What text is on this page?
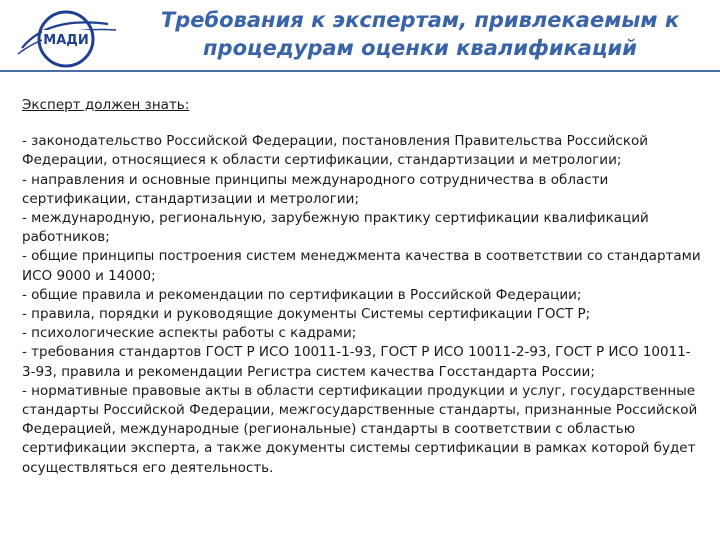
МАДИ
Требования к экспертам, привлекаемым к
процедурам оценки квалификаций
Эксперт должен знать:
- законодательство Российской Федерации, постановления Правительства Российской Федерации, относящиеся к области сертификации, стандартизации и метрологии;
- направления и основные принципы международного сотрудничества в области сертификации, стандартизации и метрологии;
- международную, региональную, зарубежную практику сертификации квалификаций работников;
- общие принципы построения систем менеджмента качества в соответствии со стандартами ИСО 9000 и 14000;
- общие правила и рекомендации по сертификации в Российской Федерации;
- правила, порядки и руководящие документы Системы сертификации ГОСТ Р;
- психологические аспекты работы с кадрами;
- требования стандартов ГОСТ Р ИСО 10011-1-93, ГОСТ Р ИСО 10011-2-93, ГОСТ Р ИСО 10011-3-93, правила и рекомендации Регистра систем качества Госстандарта России;
- нормативные правовые акты в области сертификации продукции и услуг, государственные стандарты Российской Федерации, межгосударственные стандарты, признанные Российской Федерацией, международные (региональные) стандарты в соответствии с областью сертификации эксперта, а также документы системы сертификации в рамках которой будет осуществляться его деятельность.
